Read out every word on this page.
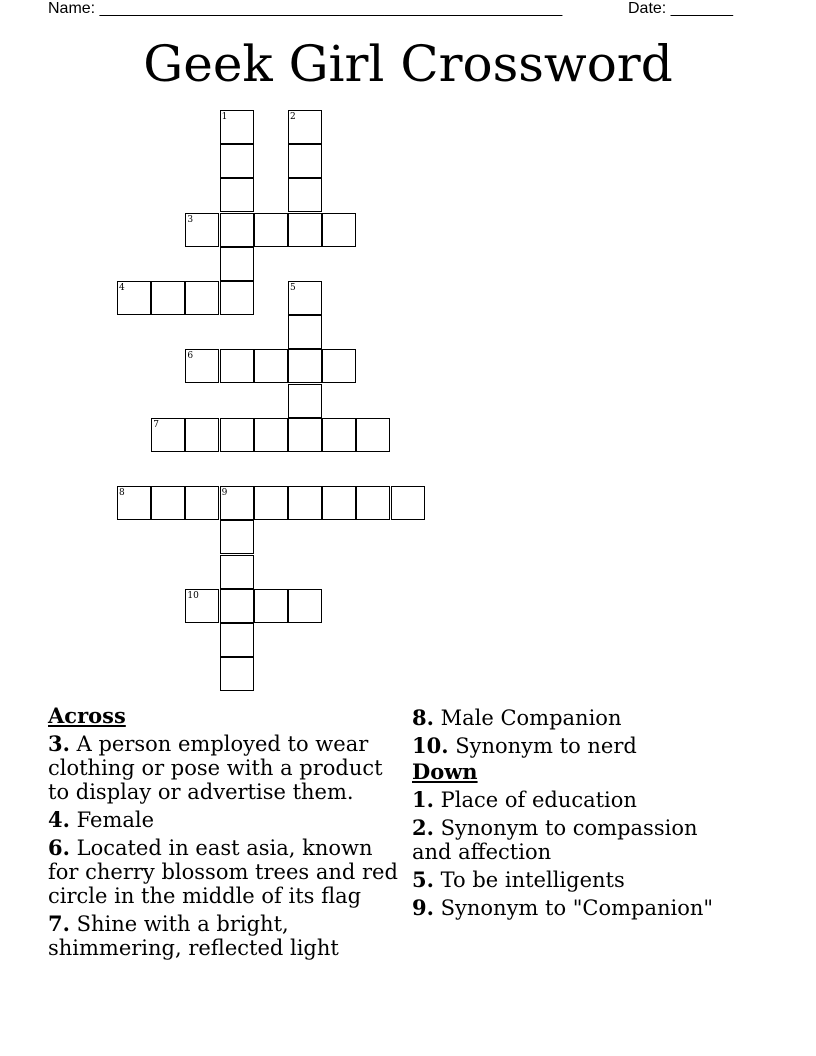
Name: ____________________________________________________	Date: _______
Geek Girl Crossword
1	2
3
4	5
6
7
8	9
10
Across
3. A person employed to wear
clothing or pose with a product
to display or advertise them.
4. Female
6. Located in east asia, known
for cherry blossom trees and red
circle in the middle of its flag
7. Shine with a bright,
shimmering, reflected light
8. Male Companion
10. Synonym to nerd
Down
1. Place of education
2. Synonym to compassion
and affection
5. To be intelligents
9. Synonym to "Companion"
